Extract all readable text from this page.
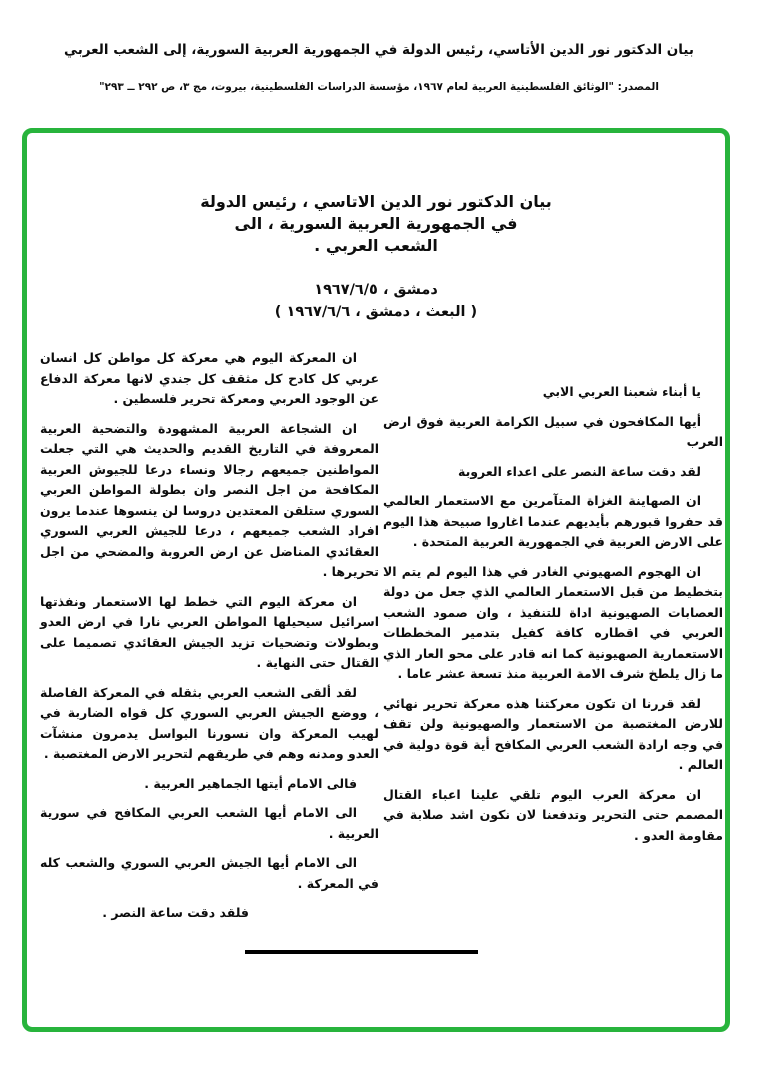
بيان الدكتور نور الدين الأتاسي، رئيس الدولة في الجمهورية العربية السورية، إلى الشعب العربي
المصدر: "الوثائق الفلسطينية العربية لعام ١٩٦٧، مؤسسة الدراسات الفلسطينية، بيروت، مج ٣، ص ٢٩٢ ــ ٢٩٣"
بيان الدكتور نور الدين الاتاسي ، رئيس الدولة
في الجمهورية العربية السورية ، الى
الشعب العربي .
دمشق ، ١٩٦٧/٦/٥
( البعث ، دمشق ، ١٩٦٧/٦/٦ )

يا أبناء شعبنا العربي الابي

أيها المكافحون في سبيل الكرامة العربية فوق ارض العرب

لقد دقت ساعة النصر على اعداء العروبة

ان الصهاينة الغزاة المتآمرين مع الاستعمار العالمي قد حفروا قبورهم بأيديهم عندما اغاروا صبيحة هذا اليوم على الارض العربية في الجمهورية العربية المتحدة .

ان الهجوم الصهيوني الغادر في هذا اليوم لم يتم الا بتخطيط من قبل الاستعمار العالمي الذي جعل من دولة العصابات الصهيونية اداة للتنفيذ ، وان صمود الشعب العربي في اقطاره كافة كفيل بتدمير المخططات الاستعمارية الصهيونية كما انه قادر على محو العار الذي ما زال يلطخ شرف الامة العربية منذ تسعة عشر عاما .

لقد قررنا ان تكون معركتنا هذه معركة تحرير نهائي للارض المغتصبة من الاستعمار والصهيونية ولن تقف في وجه ارادة الشعب العربي المكافح أية قوة دولية في العالم .

ان معركة العرب اليوم تلقي علينا اعباء القتال المصمم حتى التحرير وتدفعنا لان نكون اشد صلابة في مقاومة العدو .

ان المعركة اليوم هي معركة كل مواطن كل انسان عربي كل كادح كل مثقف كل جندي لانها معركة الدفاع عن الوجود العربي ومعركة تحرير فلسطين .

ان الشجاعة العربية المشهودة والتضحية العربية المعروفة في التاريخ القديم والحديث هي التي جعلت المواطنين جميعهم رجالا ونساء درعا للجيوش العربية المكافحة من اجل النصر وان بطولة المواطن العربي السوري ستلقن المعتدين دروسا لن ينسوها عندما يرون افراد الشعب جميعهم ، درعا للجيش العربي السوري العقائدي المناضل عن ارض العروبة والمضحي من اجل تحريرها .

ان معركة اليوم التي خطط لها الاستعمار ونفذتها اسرائيل سيحيلها المواطن العربي نارا في ارض العدو وبطولات وتضحيات تزيد الجيش العقائدي تصميما على القتال حتى النهاية .

لقد ألقى الشعب العربي بثقله في المعركة الفاصلة ، ووضع الجيش العربي السوري كل قواه الضاربة في لهيب المعركة وان نسورنا البواسل يدمرون منشآت العدو ومدنه وهم في طريقهم لتحرير الارض المغتصبة .

فالى الامام أيتها الجماهير العربية .

الى الامام أيها الشعب العربي المكافح في سورية العربية .

الى الامام أيها الجيش العربي السوري والشعب كله في المعركة .

فلقد دقت ساعة النصر .
